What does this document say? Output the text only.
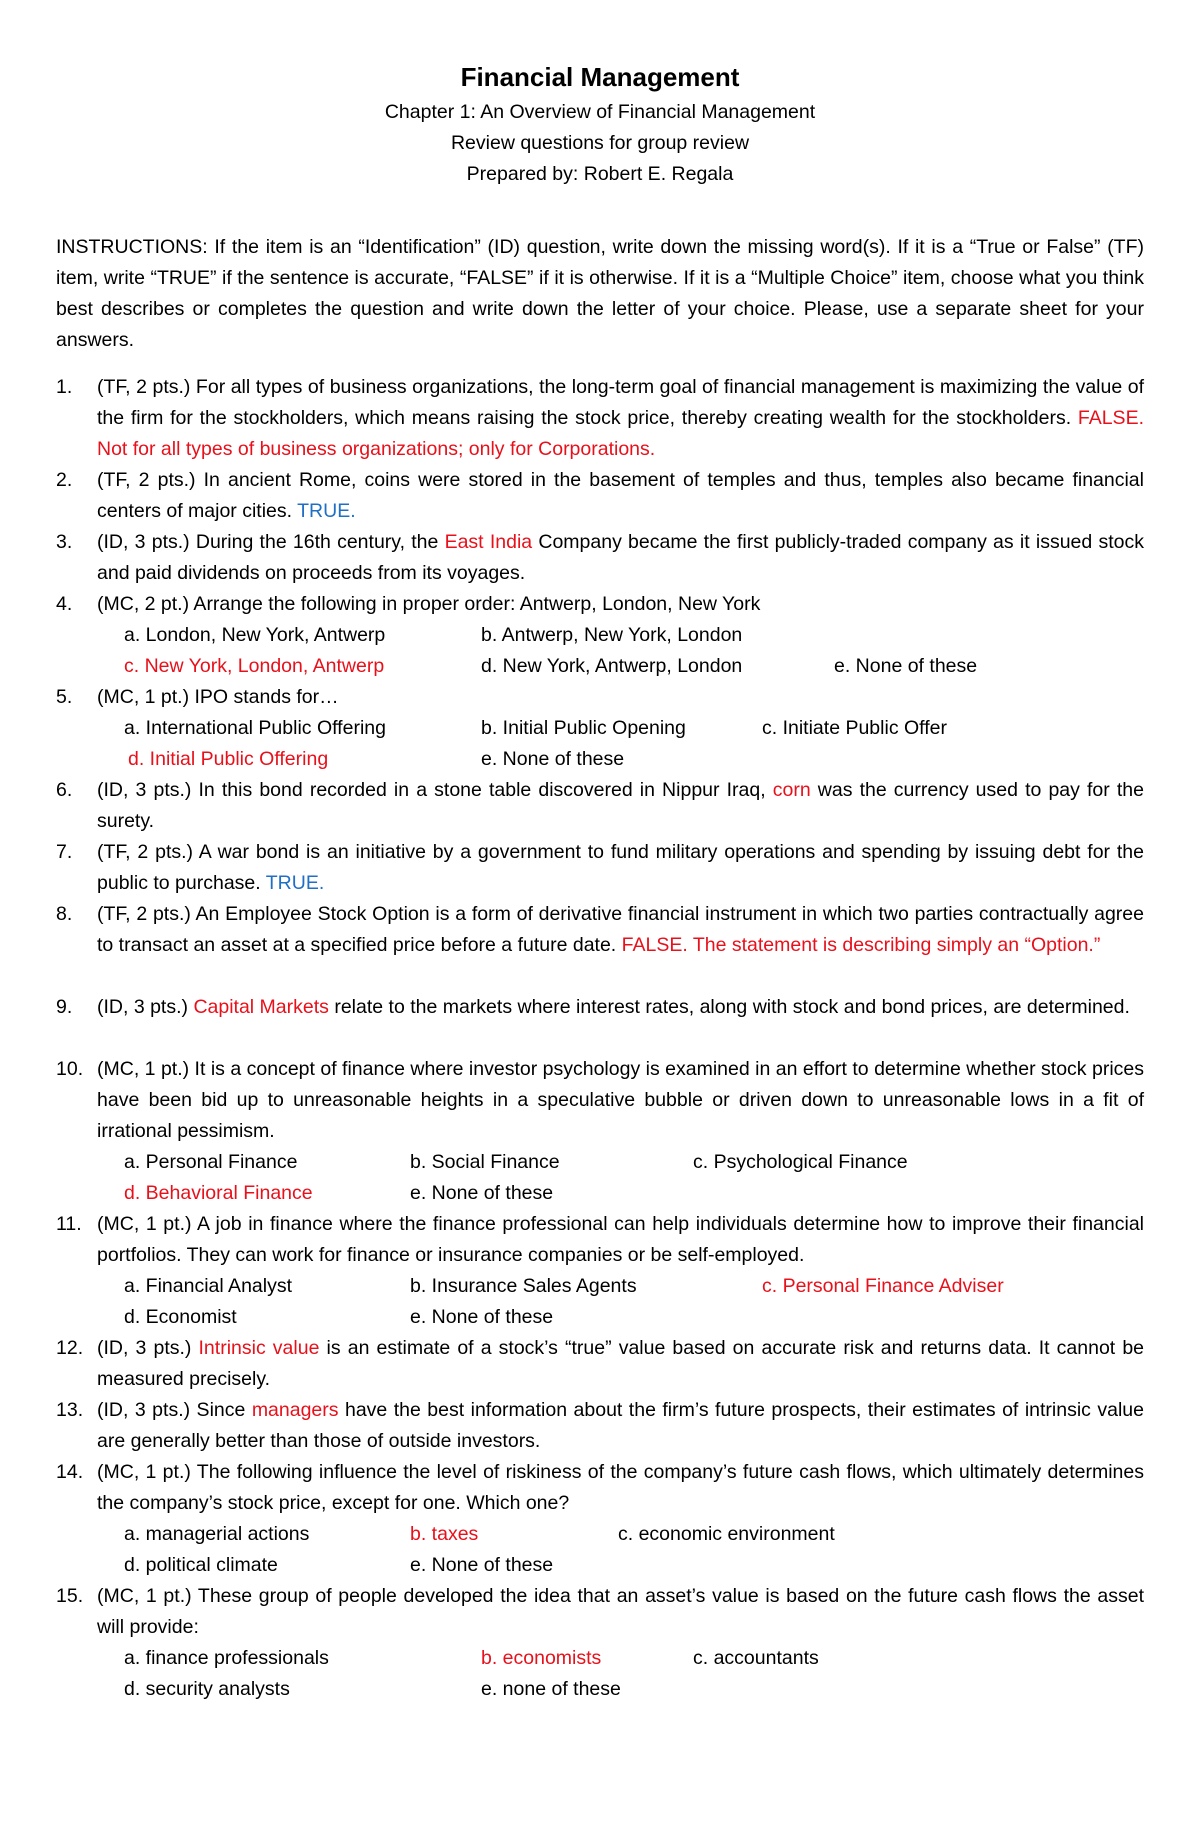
Financial Management
Chapter 1: An Overview of Financial Management
Review questions for group review
Prepared by: Robert E. Regala
INSTRUCTIONS: If the item is an “Identification” (ID) question, write down the missing word(s). If it is a “True or False” (TF) item, write “TRUE” if the sentence is accurate, “FALSE” if it is otherwise. If it is a “Multiple Choice” item, choose what you think best describes or completes the question and write down the letter of your choice. Please, use a separate sheet for your answers.
1. (TF, 2 pts.) For all types of business organizations, the long-term goal of financial management is maximizing the value of the firm for the stockholders, which means raising the stock price, thereby creating wealth for the stockholders. FALSE. Not for all types of business organizations; only for Corporations.
2. (TF, 2 pts.) In ancient Rome, coins were stored in the basement of temples and thus, temples also became financial centers of major cities. TRUE.
3. (ID, 3 pts.) During the 16th century, the East India Company became the first publicly-traded company as it issued stock and paid dividends on proceeds from its voyages.
4. (MC, 2 pt.) Arrange the following in proper order: Antwerp, London, New York
a. London, New York, Antwerp	b. Antwerp, New York, London
c. New York, London, Antwerp	d. New York, Antwerp, London	e. None of these
5. (MC, 1 pt.) IPO stands for…
a. International Public Offering	b. Initial Public Opening	c. Initiate Public Offer
d. Initial Public Offering	e. None of these
6. (ID, 3 pts.) In this bond recorded in a stone table discovered in Nippur Iraq, corn was the currency used to pay for the surety.
7. (TF, 2 pts.) A war bond is an initiative by a government to fund military operations and spending by issuing debt for the public to purchase. TRUE.
8. (TF, 2 pts.) An Employee Stock Option is a form of derivative financial instrument in which two parties contractually agree to transact an asset at a specified price before a future date. FALSE. The statement is describing simply an “Option.”
9. (ID, 3 pts.) Capital Markets relate to the markets where interest rates, along with stock and bond prices, are determined.
10. (MC, 1 pt.) It is a concept of finance where investor psychology is examined in an effort to determine whether stock prices have been bid up to unreasonable heights in a speculative bubble or driven down to unreasonable lows in a fit of irrational pessimism.
a. Personal Finance	b. Social Finance	c. Psychological Finance
d. Behavioral Finance	e. None of these
11. (MC, 1 pt.) A job in finance where the finance professional can help individuals determine how to improve their financial portfolios. They can work for finance or insurance companies or be self-employed.
a. Financial Analyst	b. Insurance Sales Agents	c. Personal Finance Adviser
d. Economist	e. None of these
12. (ID, 3 pts.) Intrinsic value is an estimate of a stock’s “true” value based on accurate risk and returns data. It cannot be measured precisely.
13. (ID, 3 pts.) Since managers have the best information about the firm’s future prospects, their estimates of intrinsic value are generally better than those of outside investors.
14. (MC, 1 pt.) The following influence the level of riskiness of the company’s future cash flows, which ultimately determines the company’s stock price, except for one. Which one?
a. managerial actions	b. taxes	c. economic environment
d. political climate	e. None of these
15. (MC, 1 pt.) These group of people developed the idea that an asset’s value is based on the future cash flows the asset will provide:
a. finance professionals	b. economists	c. accountants
d. security analysts	e. none of these
